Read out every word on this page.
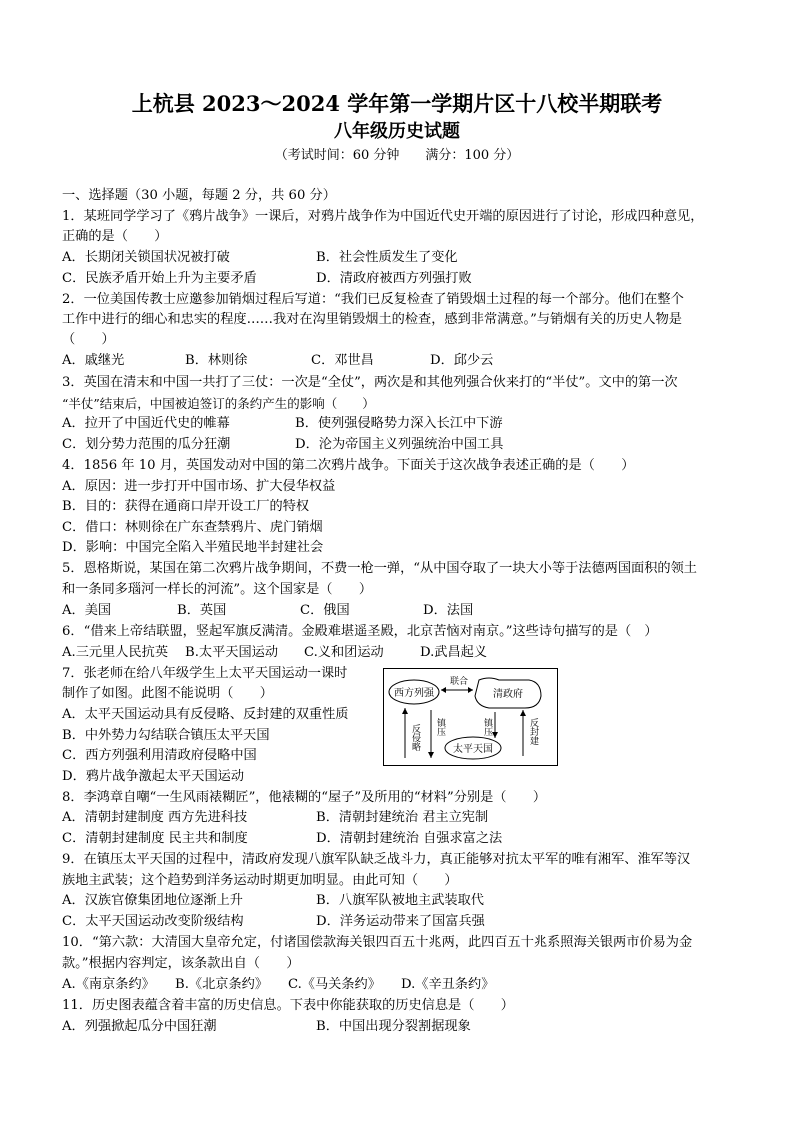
上杭县 2023～2024 学年第一学期片区十八校半期联考
八年级历史试题
（考试时间：60 分钟　　满分：100 分）
一、选择题（30 小题，每题 2 分，共 60 分）
1．某班同学学习了《鸦片战争》一课后，对鸦片战争作为中国近代史开端的原因进行了讨论，形成四种意见，
正确的是（　　）
A．长期闭关锁国状况被打破	B．社会性质发生了变化
C．民族矛盾开始上升为主要矛盾	D．清政府被西方列强打败
2．一位美国传教士应邀参加销烟过程后写道：“我们已反复检查了销毁烟土过程的每一个部分。他们在整个
工作中进行的细心和忠实的程度……我对在沟里销毁烟土的检查，感到非常满意。”与销烟有关的历史人物是
（　　）
A．戚继光	B．林则徐	C．邓世昌	D．邱少云
3．英国在清末和中国一共打了三仗：一次是“全仗”，两次是和其他列强合伙来打的“半仗”。文中的第一次
“半仗”结束后，中国被迫签订的条约产生的影响（　　）
A．拉开了中国近代史的帷幕	B．使列强侵略势力深入长江中下游
C．划分势力范围的瓜分狂潮	D．沦为帝国主义列强统治中国工具
4．1856 年 10 月，英国发动对中国的第二次鸦片战争。下面关于这次战争表述正确的是（　　）
A．原因：进一步打开中国市场、扩大侵华权益
B．目的：获得在通商口岸开设工厂的特权
C．借口：林则徐在广东查禁鸦片、虎门销烟
D．影响：中国完全陷入半殖民地半封建社会
5．恩格斯说，某国在第二次鸦片战争期间，不费一枪一弹，“从中国夺取了一块大小等于法德两国面积的领土
和一条同多瑙河一样长的河流”。这个国家是（　　）
A．美国	B．英国	C．俄国	D．法国
6．“借来上帝结联盟，竖起军旗反满清。金殿难堪遥圣殿，北京苦恼对南京。”这些诗句描写的是（　）
A.三元里人民抗英 B.太平天国运动 C.义和团运动	D.武昌起义
7．张老师在给八年级学生上太平天国运动一课时
制作了如图。此图不能说明（　　）
A．太平天国运动具有反侵略、反封建的双重性质
B．中外势力勾结联合镇压太平天国
C．西方列强利用清政府侵略中国
D．鸦片战争激起太平天国运动
西方列强	清政府
太平天国
联合
反侵略 镇压	镇压	反封建
8．李鸿章自嘲“一生风雨裱糊匠”，他裱糊的“屋子”及所用的“材料”分别是（　　）
A．清朝封建制度 西方先进科技	B．清朝封建统治 君主立宪制
C．清朝封建制度 民主共和制度	D．清朝封建统治 自强求富之法
9．在镇压太平天国的过程中，清政府发现八旗军队缺乏战斗力，真正能够对抗太平军的唯有湘军、淮军等汉
族地主武装；这个趋势到洋务运动时期更加明显。由此可知（　　）
A．汉族官僚集团地位逐渐上升	B．八旗军队被地主武装取代
C．太平天国运动改变阶级结构	D．洋务运动带来了国富兵强
10．“第六款：大清国大皇帝允定，付诸国偿款海关银四百五十兆两，此四百五十兆系照海关银两市价易为金
款。”根据内容判定，该条款出自（　　）
A.《南京条约》 B.《北京条约》 C.《马关条约》 D.《辛丑条约》
11．历史图表蕴含着丰富的历史信息。下表中你能获取的历史信息是（　　）
A．列强掀起瓜分中国狂潮	B．中国出现分裂割据现象
